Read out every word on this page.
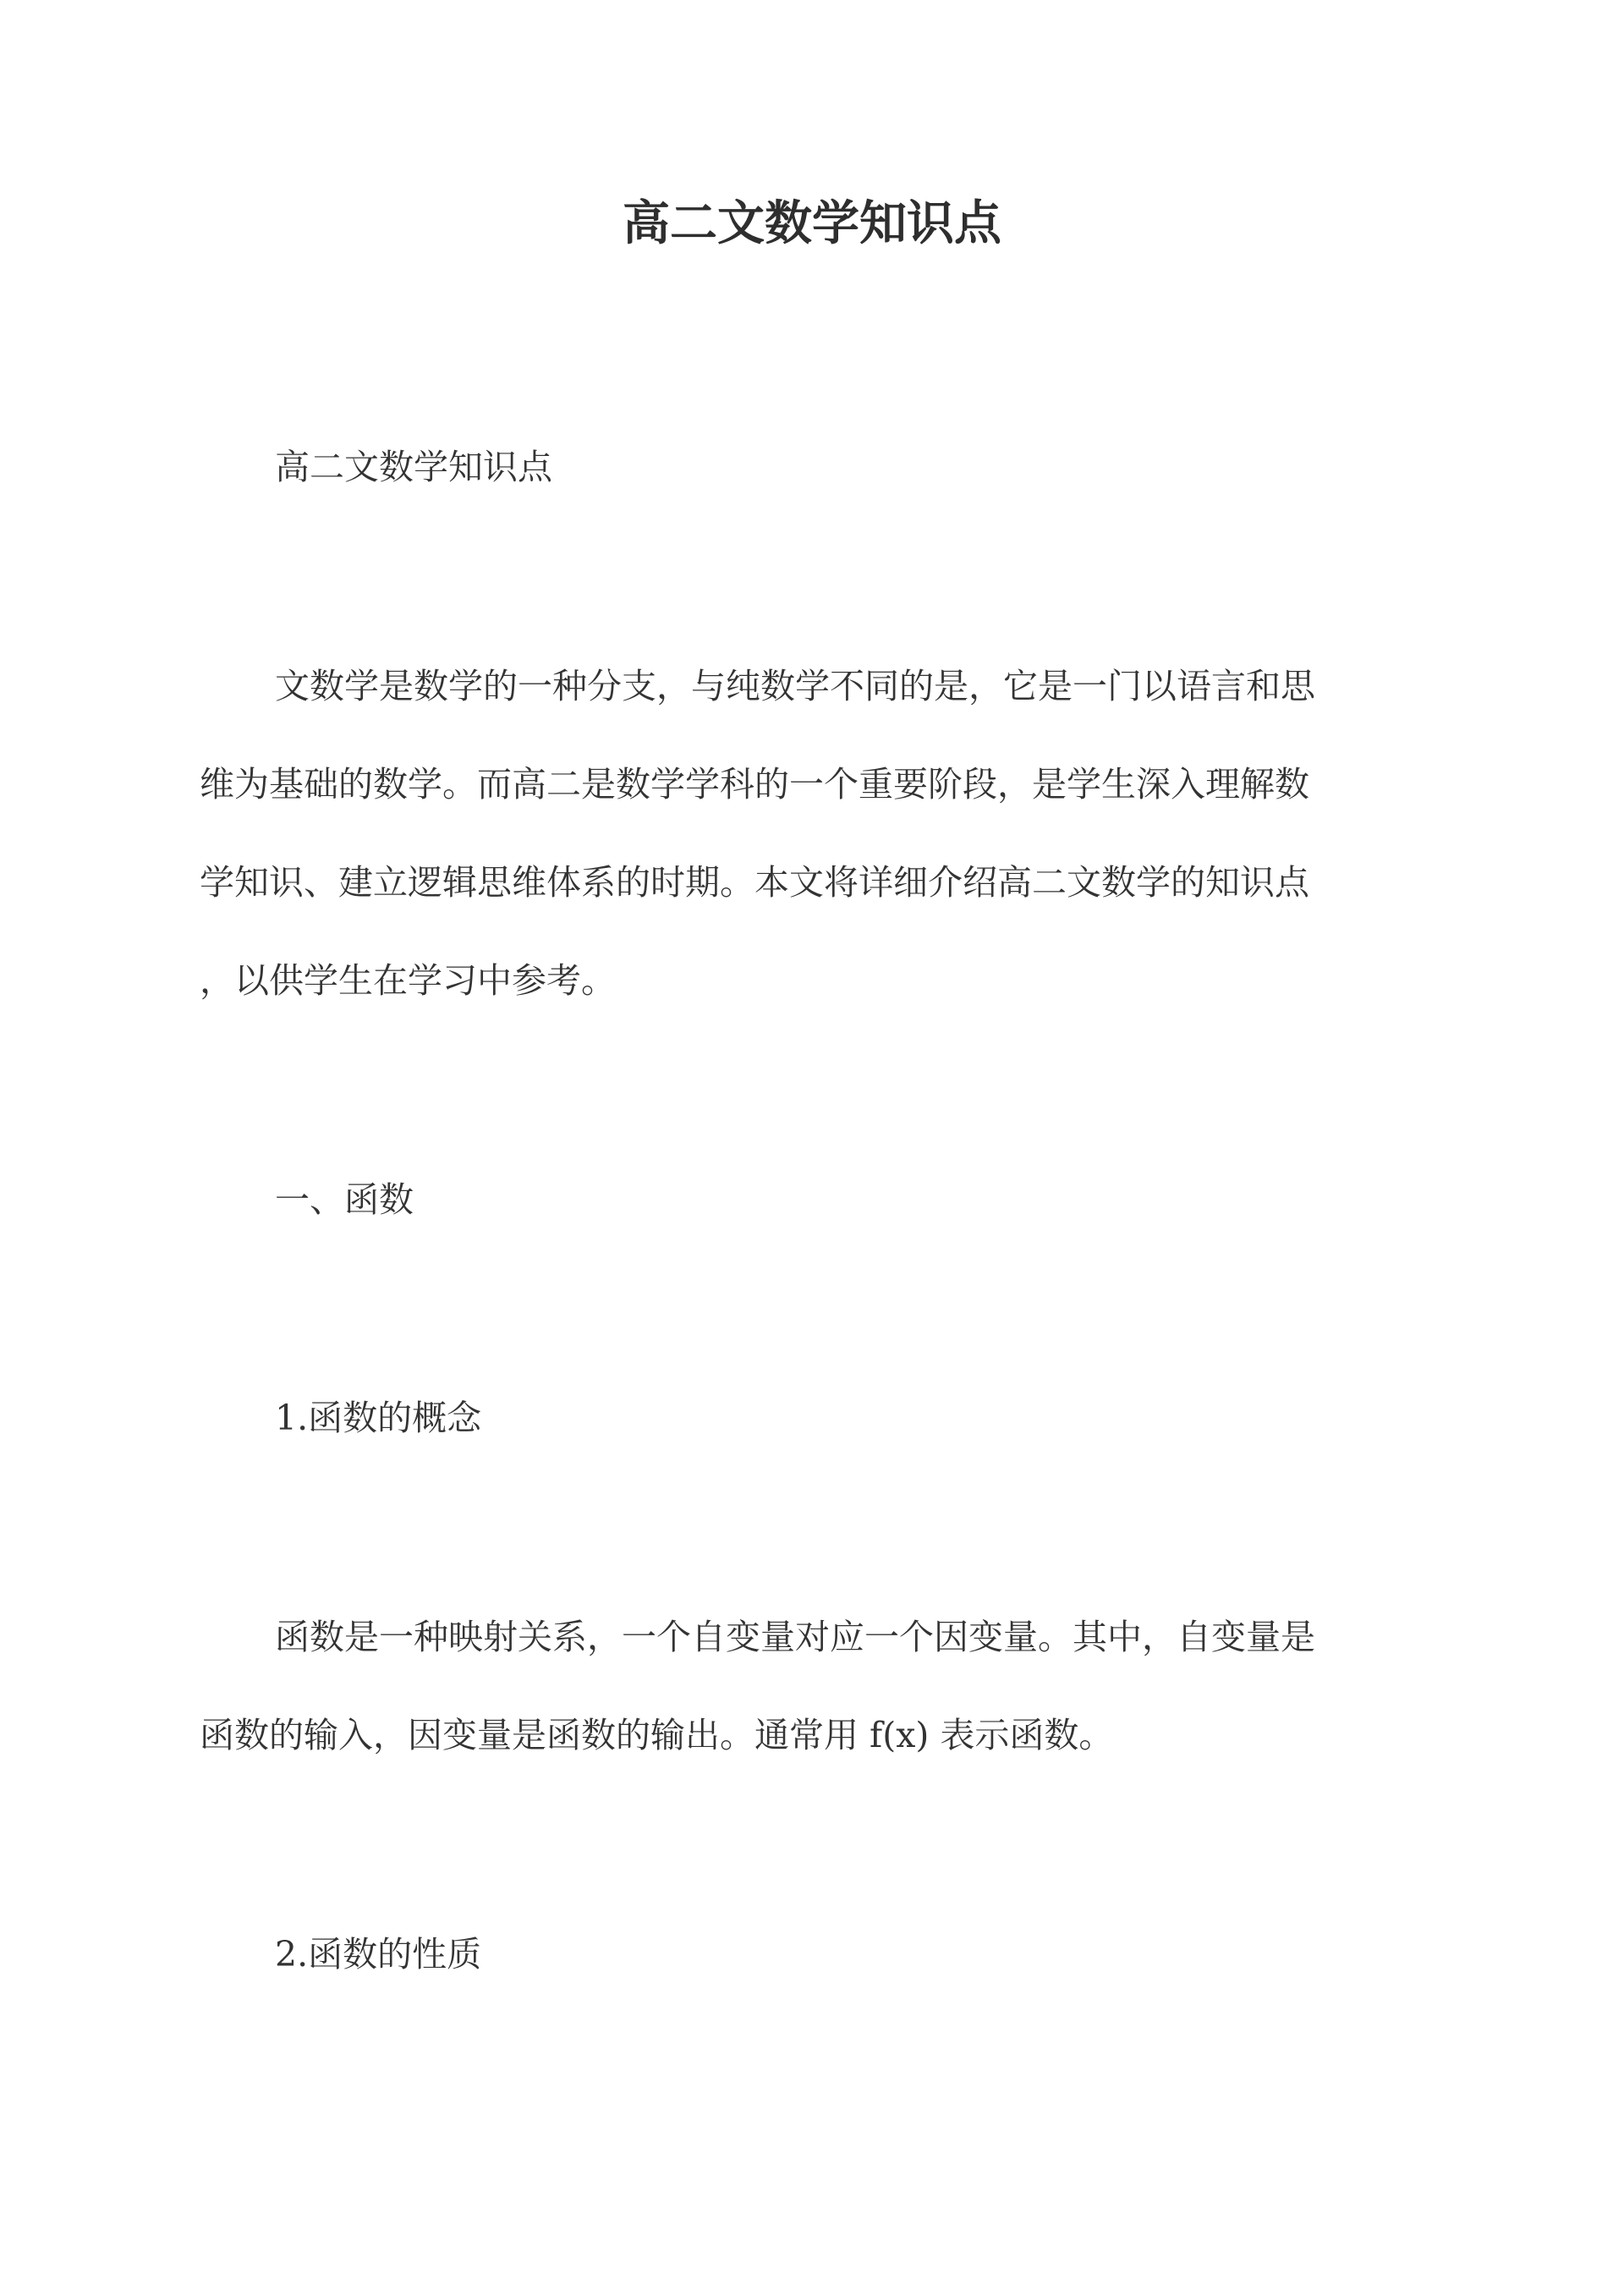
高二文数学知识点
高二文数学知识点
文数学是数学的一种分支，与纯数学不同的是，它是一门以语言和思
维为基础的数学。而高二是数学学科的一个重要阶段，是学生深入理解数
学知识、建立逻辑思维体系的时期。本文将详细介绍高二文数学的知识点
，以供学生在学习中参考。
一、函数
1.函数的概念
函数是一种映射关系，一个自变量对应一个因变量。其中，自变量是
函数的输入，因变量是函数的输出。通常用 f(x) 表示函数。
2.函数的性质
